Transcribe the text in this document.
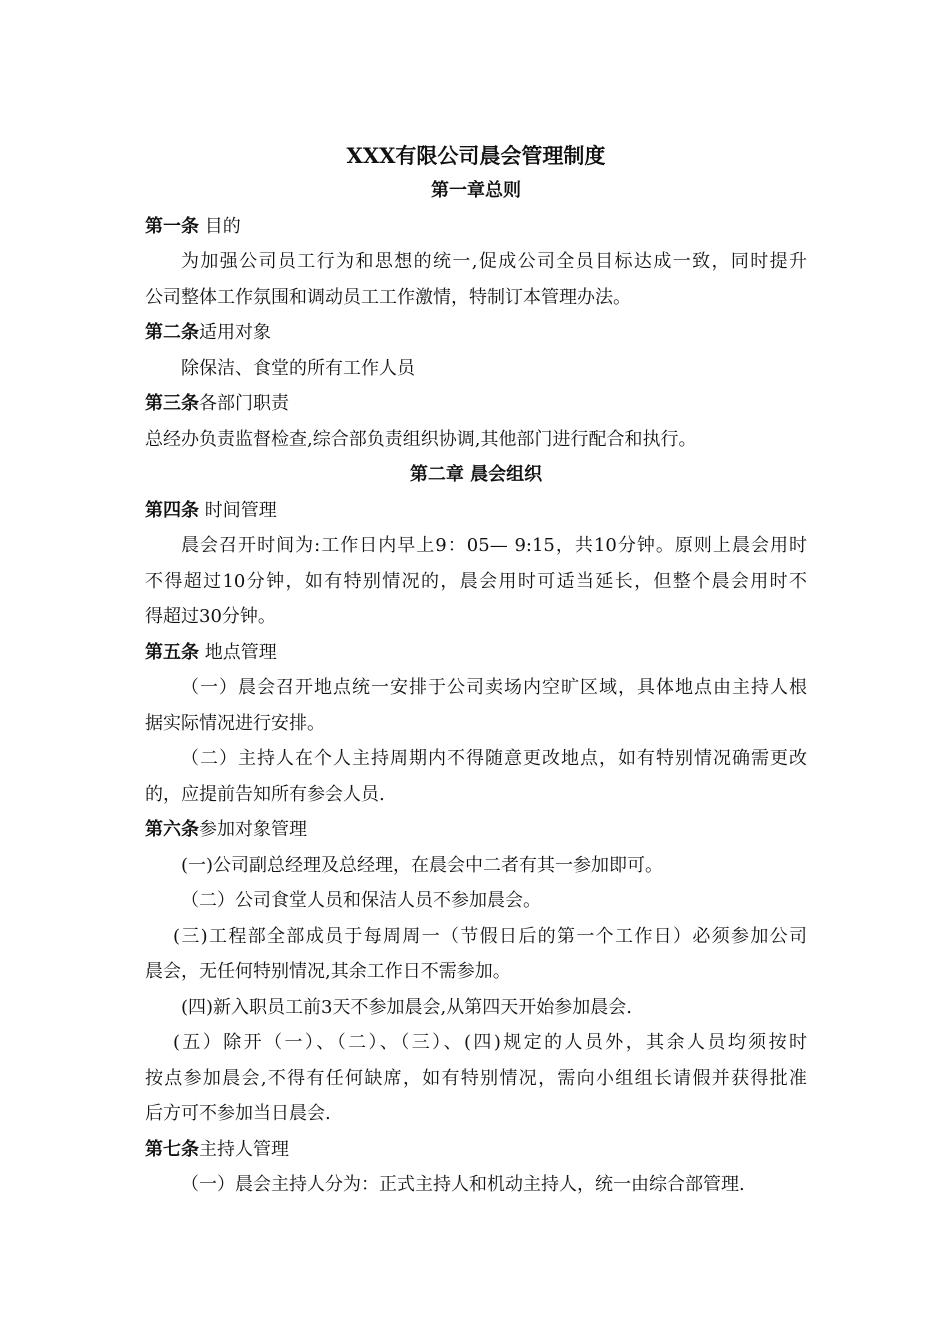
XXX有限公司晨会管理制度
第一章总则
第一条 目的
为加强公司员工行为和思想的统一,促成公司全员目标达成一致，同时提升
公司整体工作氛围和调动员工工作激情，特制订本管理办法。
第二条适用对象
除保洁、食堂的所有工作人员
第三条各部门职责
总经办负责监督检查,综合部负责组织协调,其他部门进行配合和执行。
第二章 晨会组织
第四条 时间管理
晨会召开时间为:工作日内早上9：05— 9:15，共10分钟。原则上晨会用时
不得超过10分钟，如有特别情况的，晨会用时可适当延长，但整个晨会用时不
得超过30分钟。
第五条 地点管理
（一）晨会召开地点统一安排于公司卖场内空旷区域，具体地点由主持人根
据实际情况进行安排。
（二）主持人在个人主持周期内不得随意更改地点，如有特别情况确需更改
的，应提前告知所有参会人员.
第六条参加对象管理
(一)公司副总经理及总经理，在晨会中二者有其一参加即可。
（二）公司食堂人员和保洁人员不参加晨会。
(三)工程部全部成员于每周周一（节假日后的第一个工作日）必须参加公司
晨会，无任何特别情况,其余工作日不需参加。
(四)新入职员工前3天不参加晨会,从第四天开始参加晨会.
(五）除开（一）、（二）、（三）、(四)规定的人员外，其余人员均须按时
按点参加晨会,不得有任何缺席，如有特别情况，需向小组组长请假并获得批准
后方可不参加当日晨会.
第七条主持人管理
（一）晨会主持人分为：正式主持人和机动主持人，统一由综合部管理.
